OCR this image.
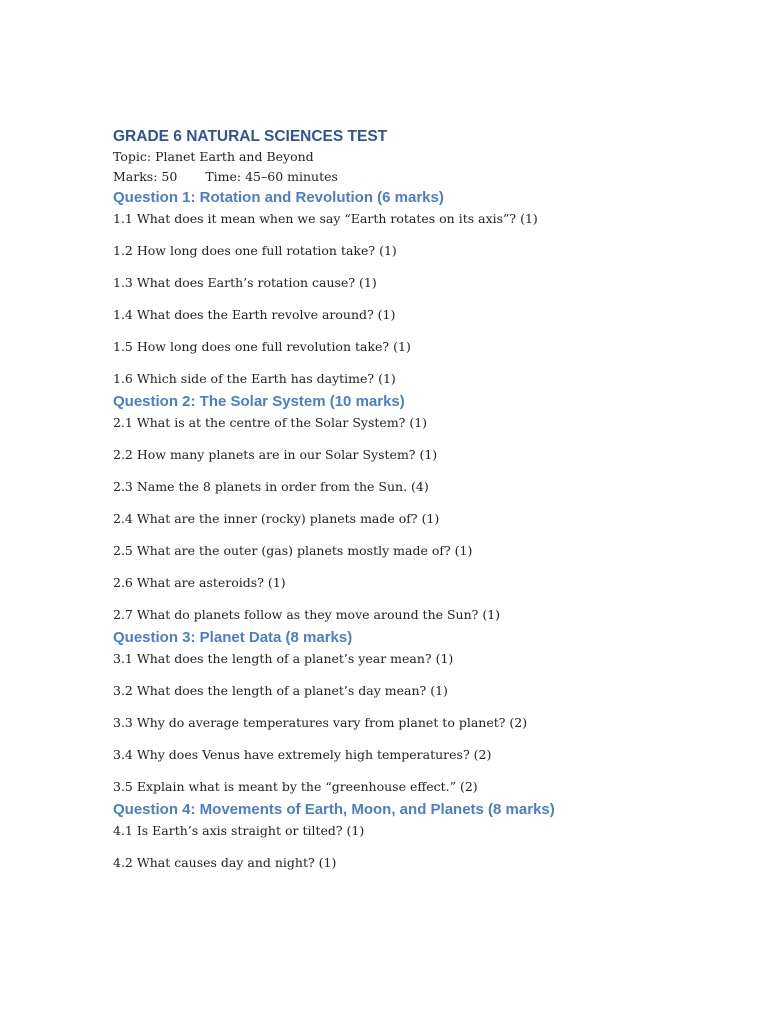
GRADE 6 NATURAL SCIENCES TEST

Topic: Planet Earth and Beyond

Marks: 50 Time: 45–60 minutes

Question 1: Rotation and Revolution (6 marks)

1.1 What does it mean when we say “Earth rotates on its axis”? (1)

1.2 How long does one full rotation take? (1)

1.3 What does Earth’s rotation cause? (1)

1.4 What does the Earth revolve around? (1)

1.5 How long does one full revolution take? (1)

1.6 Which side of the Earth has daytime? (1)

Question 2: The Solar System (10 marks)

2.1 What is at the centre of the Solar System? (1)

2.2 How many planets are in our Solar System? (1)

2.3 Name the 8 planets in order from the Sun. (4)

2.4 What are the inner (rocky) planets made of? (1)

2.5 What are the outer (gas) planets mostly made of? (1)

2.6 What are asteroids? (1)

2.7 What do planets follow as they move around the Sun? (1)

Question 3: Planet Data (8 marks)

3.1 What does the length of a planet’s year mean? (1)

3.2 What does the length of a planet’s day mean? (1)

3.3 Why do average temperatures vary from planet to planet? (2)

3.4 Why does Venus have extremely high temperatures? (2)

3.5 Explain what is meant by the “greenhouse effect.” (2)

Question 4: Movements of Earth, Moon, and Planets (8 marks)

4.1 Is Earth’s axis straight or tilted? (1)

4.2 What causes day and night? (1)
